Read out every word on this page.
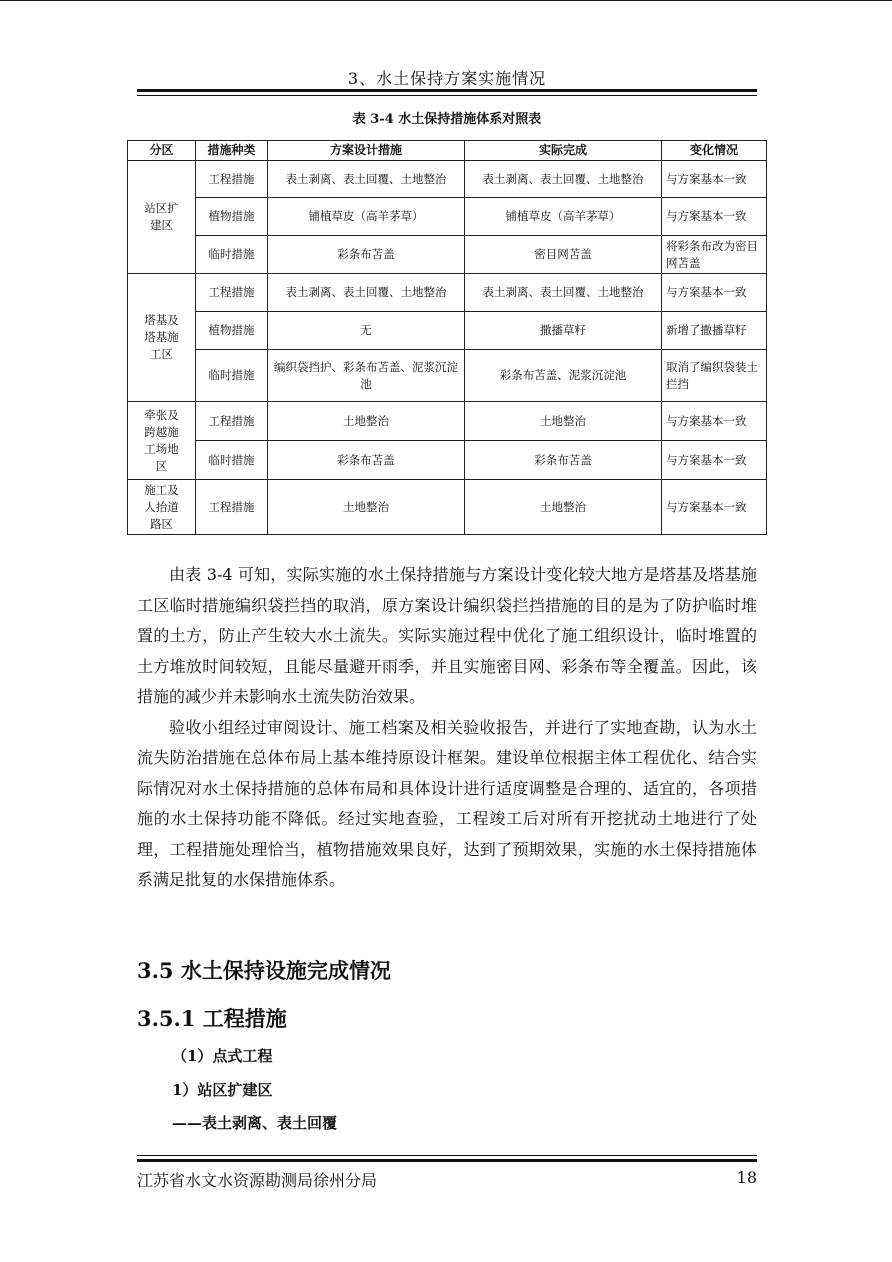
3、水土保持方案实施情况
表 3-4 水土保持措施体系对照表
分区	措施种类	方案设计措施	实际完成	变化情况
站区扩建区	工程措施	表土剥离、表土回覆、土地整治	表土剥离、表土回覆、土地整治	与方案基本一致
	植物措施	铺植草皮（高羊茅草）	铺植草皮（高羊茅草）	与方案基本一致
	临时措施	彩条布苫盖	密目网苫盖	将彩条布改为密目网苫盖
塔基及塔基施工区	工程措施	表土剥离、表土回覆、土地整治	表土剥离、表土回覆、土地整治	与方案基本一致
	植物措施	无	撒播草籽	新增了撒播草籽
	临时措施	编织袋挡护、彩条布苫盖、泥浆沉淀池	彩条布苫盖、泥浆沉淀池	取消了编织袋装土拦挡
牵张及跨越施工场地区	工程措施	土地整治	土地整治	与方案基本一致
	临时措施	彩条布苫盖	彩条布苫盖	与方案基本一致
施工及人抬道路区	工程措施	土地整治	土地整治	与方案基本一致

由表 3-4 可知，实际实施的水土保持措施与方案设计变化较大地方是塔基及塔基施工区临时措施编织袋拦挡的取消，原方案设计编织袋拦挡措施的目的是为了防护临时堆置的土方，防止产生较大水土流失。实际实施过程中优化了施工组织设计，临时堆置的土方堆放时间较短，且能尽量避开雨季，并且实施密目网、彩条布等全覆盖。因此，该措施的减少并未影响水土流失防治效果。

验收小组经过审阅设计、施工档案及相关验收报告，并进行了实地查勘，认为水土流失防治措施在总体布局上基本维持原设计框架。建设单位根据主体工程优化、结合实际情况对水土保持措施的总体布局和具体设计进行适度调整是合理的、适宜的，各项措施的水土保持功能不降低。经过实地查验，工程竣工后对所有开挖扰动土地进行了处理，工程措施处理恰当，植物措施效果良好，达到了预期效果，实施的水土保持措施体系满足批复的水保措施体系。

3.5 水土保持设施完成情况
3.5.1 工程措施
（1）点式工程
1）站区扩建区
——表土剥离、表土回覆
江苏省水文水资源勘测局徐州分局	18
